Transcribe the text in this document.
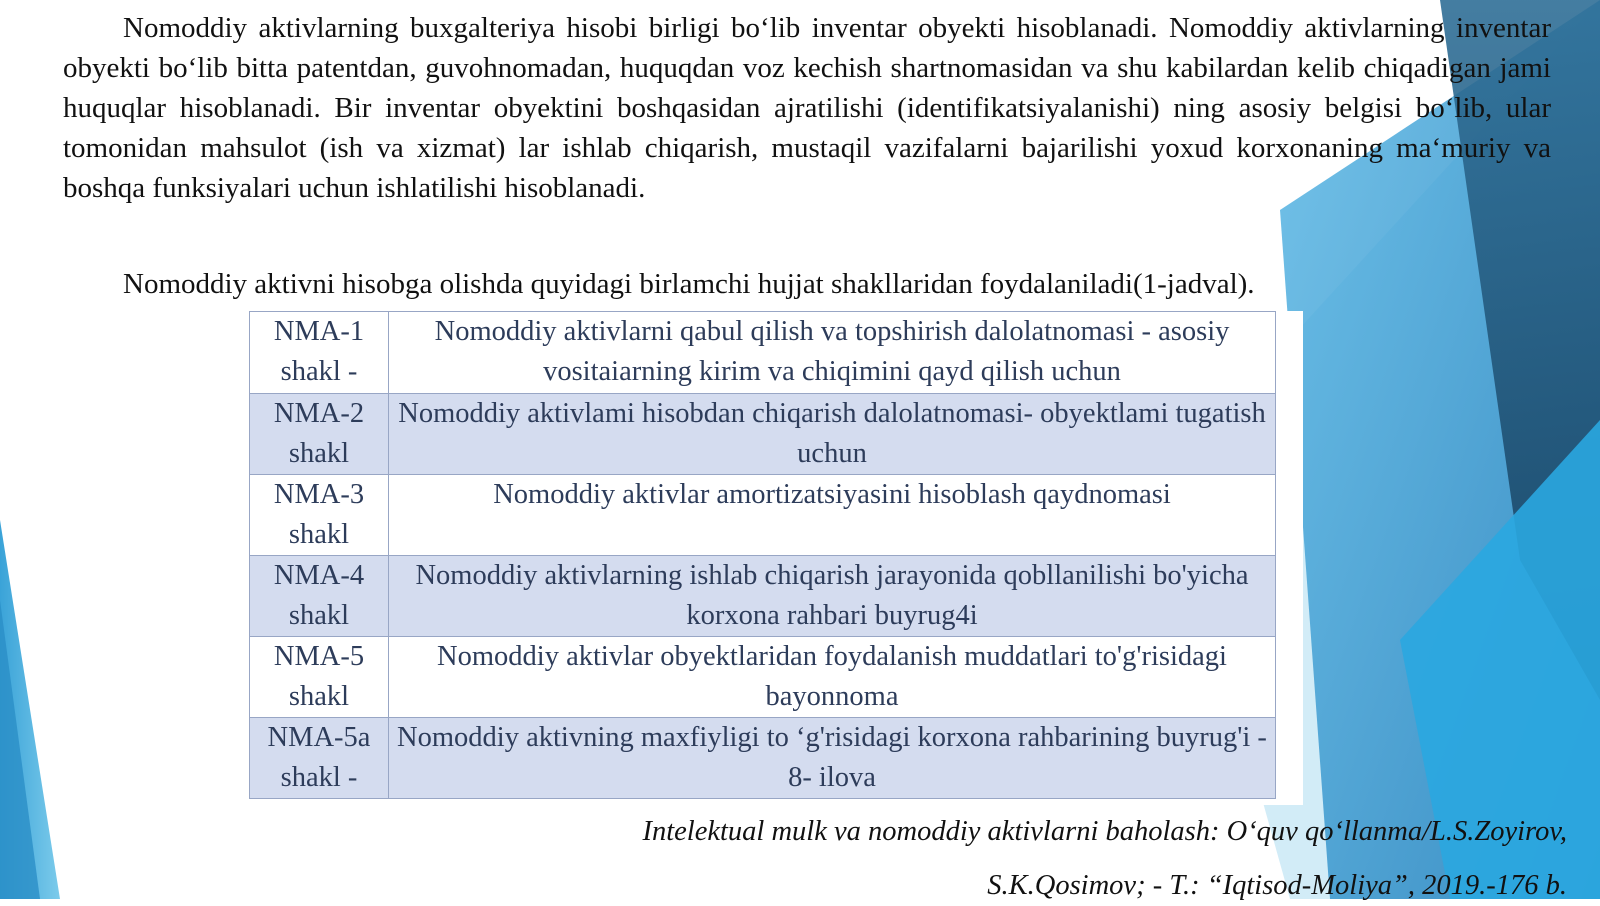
Nomoddiy aktivlarning buxgalteriya hisobi birligi bo‘lib inventar obyekti hisoblanadi. Nomoddiy aktivlarning inventar obyekti bo‘lib bitta patentdan, guvohnomadan, huquqdan voz kechish shartnomasidan va shu kabilardan kelib chiqadigan jami huquqlar hisoblanadi. Bir inventar obyektini boshqasidan ajratilishi (identifikatsiyalanishi) ning asosiy belgisi bo‘lib, ular tomonidan mahsulot (ish va xizmat) lar ishlab chiqarish, mustaqil vazifalarni bajarilishi yoxud korxonaning ma‘muriy va boshqa funksiyalari uchun ishlatilishi hisoblanadi.

Nomoddiy aktivni hisobga olishda quyidagi birlamchi hujjat shakllaridan foydalaniladi(1-jadval).

NMA-1 shakl -	Nomoddiy aktivlarni qabul qilish va topshirish dalolatnomasi - asosiy vositaiarning kirim va chiqimini qayd qilish uchun
NMA-2 shakl	Nomoddiy aktivlami hisobdan chiqarish dalolatnomasi- obyektlami tugatish uchun
NMA-3 shakl	Nomoddiy aktivlar amortizatsiyasini hisoblash qaydnomasi
NMA-4 shakl	Nomoddiy aktivlarning ishlab chiqarish jarayonida qobllanilishi bo'yicha korxona rahbari buyrug4i
NMA-5 shakl	Nomoddiy aktivlar obyektlaridan foydalanish muddatlari to'g'risidagi bayonnoma
NMA-5a shakl -	Nomoddiy aktivning maxfiyligi to ‘g'risidagi korxona rahbarining buyrug'i - 8- ilova

Intelektual mulk va nomoddiy aktivlarni baholash: O‘quv qo‘llanma/L.S.Zoyirov,

S.K.Qosimov; - T.: “Iqtisod-Moliya”, 2019.-176 b.
